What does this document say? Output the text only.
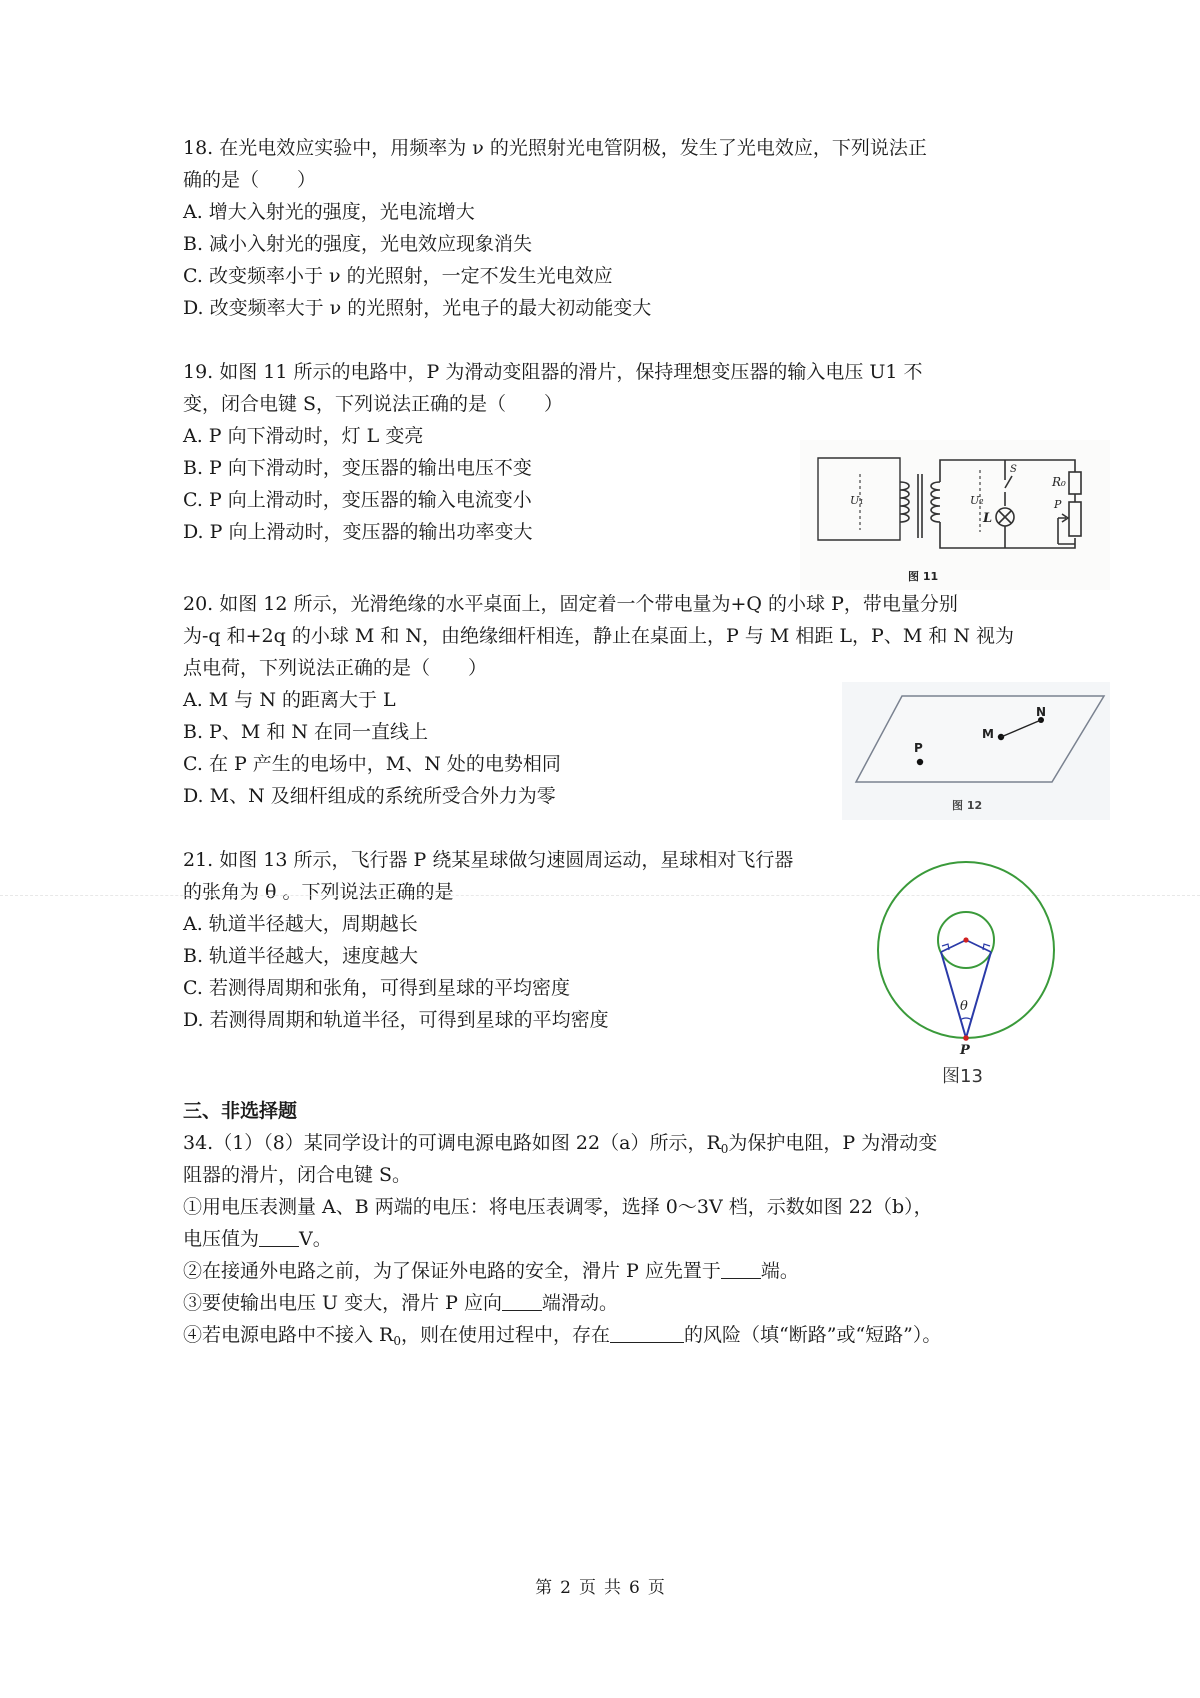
18. 在光电效应实验中，用频率为 ν 的光照射光电管阴极，发生了光电效应，下列说法正
确的是（　　）
A. 增大入射光的强度，光电流增大
B. 减小入射光的强度，光电效应现象消失
C. 改变频率小于 ν 的光照射，一定不发生光电效应
D. 改变频率大于 ν 的光照射，光电子的最大初动能变大
19. 如图 11 所示的电路中，P 为滑动变阻器的滑片，保持理想变压器的输入电压 U1 不
变，闭合电键 S，下列说法正确的是（　　）
A. P 向下滑动时，灯 L 变亮
B. P 向下滑动时，变压器的输出电压不变
C. P 向上滑动时，变压器的输入电流变小
D. P 向上滑动时，变压器的输出功率变大
U₁	U₂
S
L
R₀
P
图 11
20. 如图 12 所示，光滑绝缘的水平桌面上，固定着一个带电量为+Q 的小球 P，带电量分别
为-q 和+2q 的小球 M 和 N，由绝缘细杆相连，静止在桌面上，P 与 M 相距 L，P、M 和 N 视为
点电荷，下列说法正确的是（　　）
A. M 与 N 的距离大于 L
B. P、M 和 N 在同一直线上
C. 在 P 产生的电场中，M、N 处的电势相同
D. M、N 及细杆组成的系统所受合外力为零
P
M
N
图 12
21. 如图 13 所示，飞行器 P 绕某星球做匀速圆周运动，星球相对飞行器
的张角为 θ 。下列说法正确的是
A. 轨道半径越大，周期越长
B. 轨道半径越大，速度越大
C. 若测得周期和张角，可得到星球的平均密度
D. 若测得周期和轨道半径，可得到星球的平均密度
θ
P
图13
三、非选择题
34.（1）（8）某同学设计的可调电源电路如图 22（a）所示，$R_0$为保护电阻，P 为滑动变
阻器的滑片，闭合电键 S。
①用电压表测量 A、B 两端的电压：将电压表调零，选择 0～3V 档，示数如图 22（b），
电压值为 V。
②在接通外电路之前，为了保证外电路的安全，滑片 P 应先置于 端。
③要使输出电压 U 变大，滑片 P 应向 端滑动。
④若电源电路中不接入 $R_0$，则在使用过程中，存在	的风险（填“断路”或“短路”）。
第 2 页 共 6 页
